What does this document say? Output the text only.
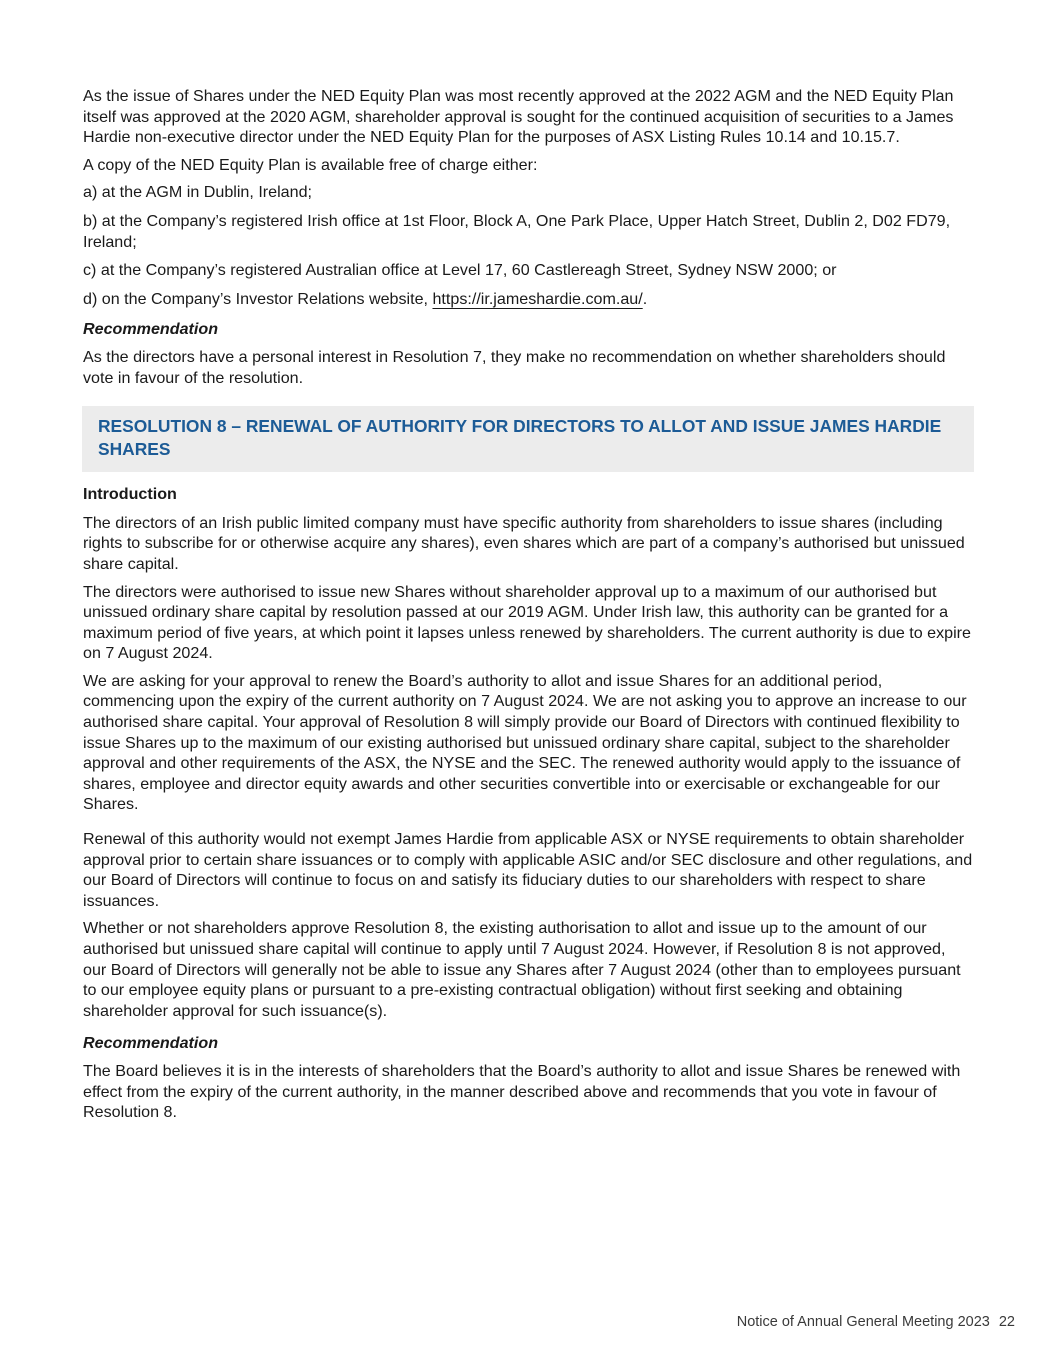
As the issue of Shares under the NED Equity Plan was most recently approved at the 2022 AGM and the NED Equity Plan itself was approved at the 2020 AGM, shareholder approval is sought for the continued acquisition of securities to a James Hardie non-executive director under the NED Equity Plan for the purposes of ASX Listing Rules 10.14 and 10.15.7.

A copy of the NED Equity Plan is available free of charge either:

a) at the AGM in Dublin, Ireland;

b) at the Company’s registered Irish office at 1st Floor, Block A, One Park Place, Upper Hatch Street, Dublin 2, D02 FD79, Ireland;

c) at the Company’s registered Australian office at Level 17, 60 Castlereagh Street, Sydney NSW 2000; or

d) on the Company’s Investor Relations website, https://ir.jameshardie.com.au/.

Recommendation

As the directors have a personal interest in Resolution 7, they make no recommendation on whether shareholders should vote in favour of the resolution.

RESOLUTION 8 – RENEWAL OF AUTHORITY FOR DIRECTORS TO ALLOT AND ISSUE JAMES HARDIE SHARES
Introduction

The directors of an Irish public limited company must have specific authority from shareholders to issue shares (including rights to subscribe for or otherwise acquire any shares), even shares which are part of a company’s authorised but unissued share capital.

The directors were authorised to issue new Shares without shareholder approval up to a maximum of our authorised but unissued ordinary share capital by resolution passed at our 2019 AGM. Under Irish law, this authority can be granted for a maximum period of five years, at which point it lapses unless renewed by shareholders. The current authority is due to expire on 7 August 2024.

We are asking for your approval to renew the Board’s authority to allot and issue Shares for an additional period, commencing upon the expiry of the current authority on 7 August 2024. We are not asking you to approve an increase to our authorised share capital. Your approval of Resolution 8 will simply provide our Board of Directors with continued flexibility to issue Shares up to the maximum of our existing authorised but unissued ordinary share capital, subject to the shareholder approval and other requirements of the ASX, the NYSE and the SEC. The renewed authority would apply to the issuance of shares, employee and director equity awards and other securities convertible into or exercisable or exchangeable for our Shares.

Renewal of this authority would not exempt James Hardie from applicable ASX or NYSE requirements to obtain shareholder approval prior to certain share issuances or to comply with applicable ASIC and/or SEC disclosure and other regulations, and our Board of Directors will continue to focus on and satisfy its fiduciary duties to our shareholders with respect to share issuances.

Whether or not shareholders approve Resolution 8, the existing authorisation to allot and issue up to the amount of our authorised but unissued share capital will continue to apply until 7 August 2024. However, if Resolution 8 is not approved, our Board of Directors will generally not be able to issue any Shares after 7 August 2024 (other than to employees pursuant to our employee equity plans or pursuant to a pre-existing contractual obligation) without first seeking and obtaining shareholder approval for such issuance(s).

Recommendation

The Board believes it is in the interests of shareholders that the Board’s authority to allot and issue Shares be renewed with effect from the expiry of the current authority, in the manner described above and recommends that you vote in favour of Resolution 8.

Notice of Annual General Meeting 2023 22
